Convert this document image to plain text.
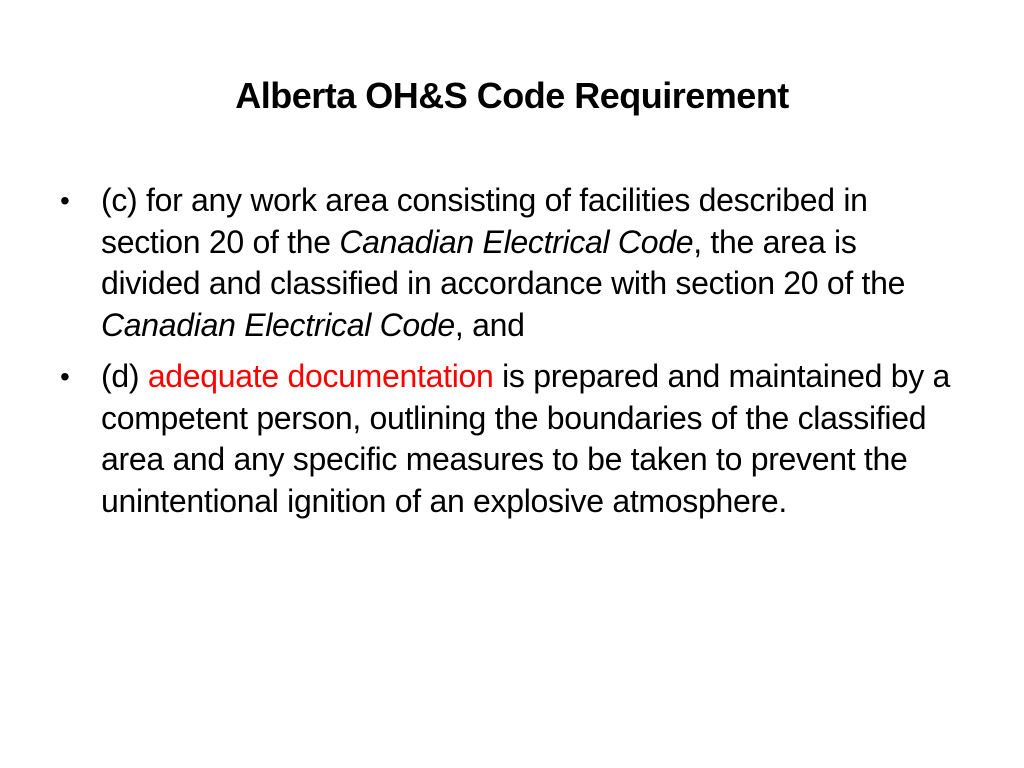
Alberta OH&S Code Requirement
• (c) for any work area consisting of facilities described in section 20 of the Canadian Electrical Code, the area is divided and classified in accordance with section 20 of the Canadian Electrical Code, and
• (d) adequate documentation is prepared and maintained by a competent person, outlining the boundaries of the classified area and any specific measures to be taken to prevent the unintentional ignition of an explosive atmosphere.
